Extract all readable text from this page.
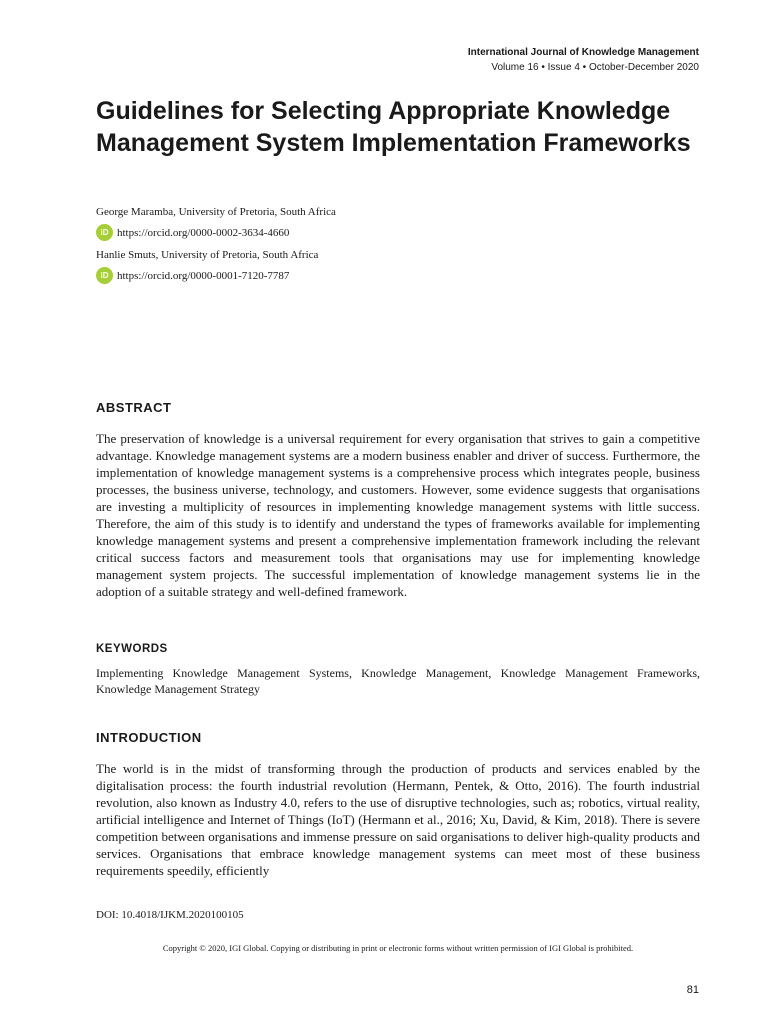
International Journal of Knowledge Management
Volume 16 • Issue 4 • October-December 2020
Guidelines for Selecting Appropriate Knowledge Management System Implementation Frameworks
George Maramba, University of Pretoria, South Africa
iD https://orcid.org/0000-0002-3634-4660
Hanlie Smuts, University of Pretoria, South Africa
iD https://orcid.org/0000-0001-7120-7787
ABSTRACT

The preservation of knowledge is a universal requirement for every organisation that strives to gain a competitive advantage. Knowledge management systems are a modern business enabler and driver of success. Furthermore, the implementation of knowledge management systems is a comprehensive process which integrates people, business processes, the business universe, technology, and customers. However, some evidence suggests that organisations are investing a multiplicity of resources in implementing knowledge management systems with little success. Therefore, the aim of this study is to identify and understand the types of frameworks available for implementing knowledge management systems and present a comprehensive implementation framework including the relevant critical success factors and measurement tools that organisations may use for implementing knowledge management system projects. The successful implementation of knowledge management systems lie in the adoption of a suitable strategy and well-defined framework.

KEYWORDS

Implementing Knowledge Management Systems, Knowledge Management, Knowledge Management Frameworks, Knowledge Management Strategy

INTRODUCTION

The world is in the midst of transforming through the production of products and services enabled by the digitalisation process: the fourth industrial revolution (Hermann, Pentek, & Otto, 2016). The fourth industrial revolution, also known as Industry 4.0, refers to the use of disruptive technologies, such as; robotics, virtual reality, artificial intelligence and Internet of Things (IoT) (Hermann et al., 2016; Xu, David, & Kim, 2018). There is severe competition between organisations and immense pressure on said organisations to deliver high-quality products and services. Organisations that embrace knowledge management systems can meet most of these business requirements speedily, efficiently

DOI: 10.4018/IJKM.2020100105
Copyright © 2020, IGI Global. Copying or distributing in print or electronic forms without written permission of IGI Global is prohibited.
81
